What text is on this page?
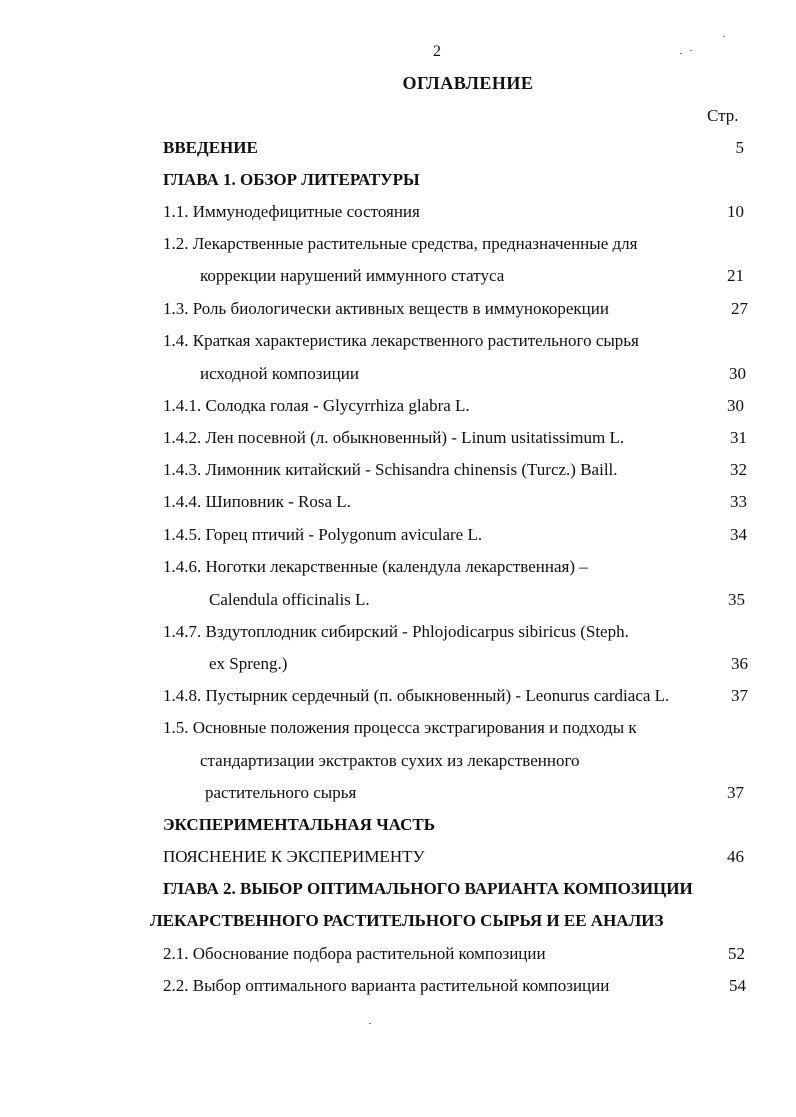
2
ОГЛАВЛЕНИЕ
Стр.
ВВЕДЕНИЕ	5
ГЛАВА 1. ОБЗОР ЛИТЕРАТУРЫ
1.1. Иммунодефицитные состояния	10
1.2. Лекарственные растительные средства, предназначенные для
коррекции нарушений иммунного статуса	21
1.3. Роль биологически активных веществ в иммунокорекции	27
1.4. Краткая характеристика лекарственного растительного сырья
исходной композиции	30
1.4.1. Солодка голая - Glycyrrhiza glabra L.	30
1.4.2. Лен посевной (л. обыкновенный) - Linum usitatissimum L.	31
1.4.3. Лимонник китайский - Schisandra chinensis (Turcz.) Baill.	32
1.4.4. Шиповник - Rosa L.	33
1.4.5. Горец птичий - Polygonum aviculare L.	34
1.4.6. Ноготки лекарственные (календула лекарственная) –
Calendula officinalis L.	35
1.4.7. Вздутоплодник сибирский - Phlojodicarpus sibiricus (Steph.
ex Spreng.)	36
1.4.8. Пустырник сердечный (п. обыкновенный) - Leonurus cardiaca L.	37
1.5. Основные положения процесса экстрагирования и подходы к
стандартизации экстрактов сухих из лекарственного
растительного сырья	37
ЭКСПЕРИМЕНТАЛЬНАЯ ЧАСТЬ
ПОЯСНЕНИЕ К ЭКСПЕРИМЕНТУ	46
ГЛАВА 2. ВЫБОР ОПТИМАЛЬНОГО ВАРИАНТА КОМПОЗИЦИИ
ЛЕКАРСТВЕННОГО РАСТИТЕЛЬНОГО СЫРЬЯ И ЕЕ АНАЛИЗ
2.1. Обоснование подбора растительной композиции	52
2.2. Выбор оптимального варианта растительной композиции	54
